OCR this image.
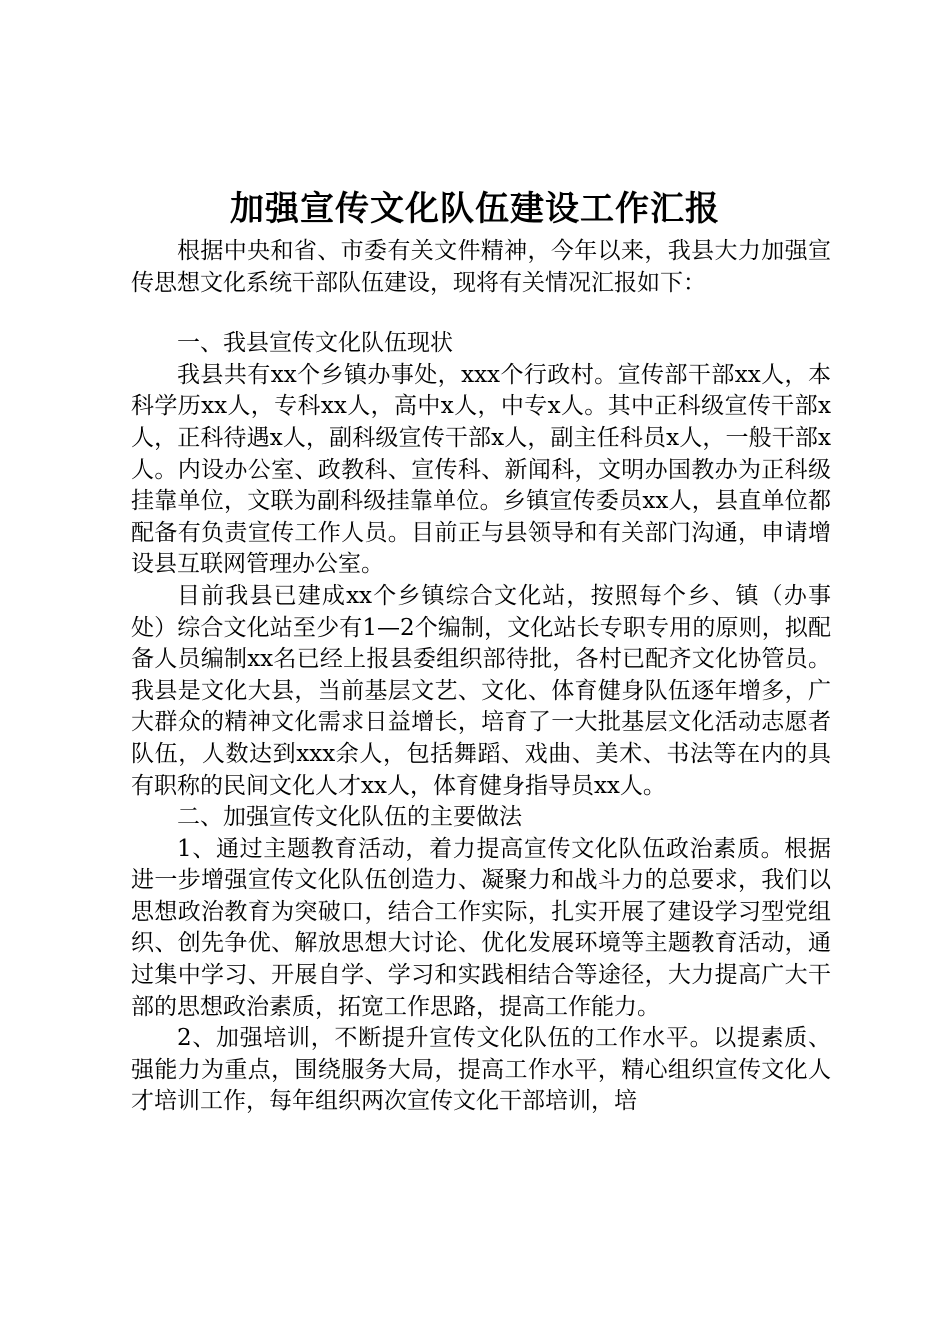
加强宣传文化队伍建设工作汇报

根据中央和省、市委有关文件精神，今年以来，我县大力加强宣传思想文化系统干部队伍建设，现将有关情况汇报如下：

一、我县宣传文化队伍现状

我县共有xx个乡镇办事处，xxx个行政村。宣传部干部xx人，本科学历xx人，专科xx人，高中x人，中专x人。其中正科级宣传干部x人，正科待遇x人，副科级宣传干部x人，副主任科员x人，一般干部x人。内设办公室、政教科、宣传科、新闻科，文明办国教办为正科级挂靠单位，文联为副科级挂靠单位。乡镇宣传委员xx人，县直单位都配备有负责宣传工作人员。目前正与县领导和有关部门沟通，申请增设县互联网管理办公室。

目前我县已建成xx个乡镇综合文化站，按照每个乡、镇（办事处）综合文化站至少有1—2个编制，文化站长专职专用的原则，拟配备人员编制xx名已经上报县委组织部待批，各村已配齐文化协管员。我县是文化大县，当前基层文艺、文化、体育健身队伍逐年增多，广大群众的精神文化需求日益增长，培育了一大批基层文化活动志愿者队伍，人数达到xxx余人，包括舞蹈、戏曲、美术、书法等在内的具有职称的民间文化人才xx人，体育健身指导员xx人。

二、加强宣传文化队伍的主要做法

1、通过主题教育活动，着力提高宣传文化队伍政治素质。根据进一步增强宣传文化队伍创造力、凝聚力和战斗力的总要求，我们以思想政治教育为突破口，结合工作实际，扎实开展了建设学习型党组织、创先争优、解放思想大讨论、优化发展环境等主题教育活动，通过集中学习、开展自学、学习和实践相结合等途径，大力提高广大干部的思想政治素质，拓宽工作思路，提高工作能力。

2、加强培训，不断提升宣传文化队伍的工作水平。以提素质、强能力为重点，围绕服务大局，提高工作水平，精心组织宣传文化人才培训工作，每年组织两次宣传文化干部培训，培
